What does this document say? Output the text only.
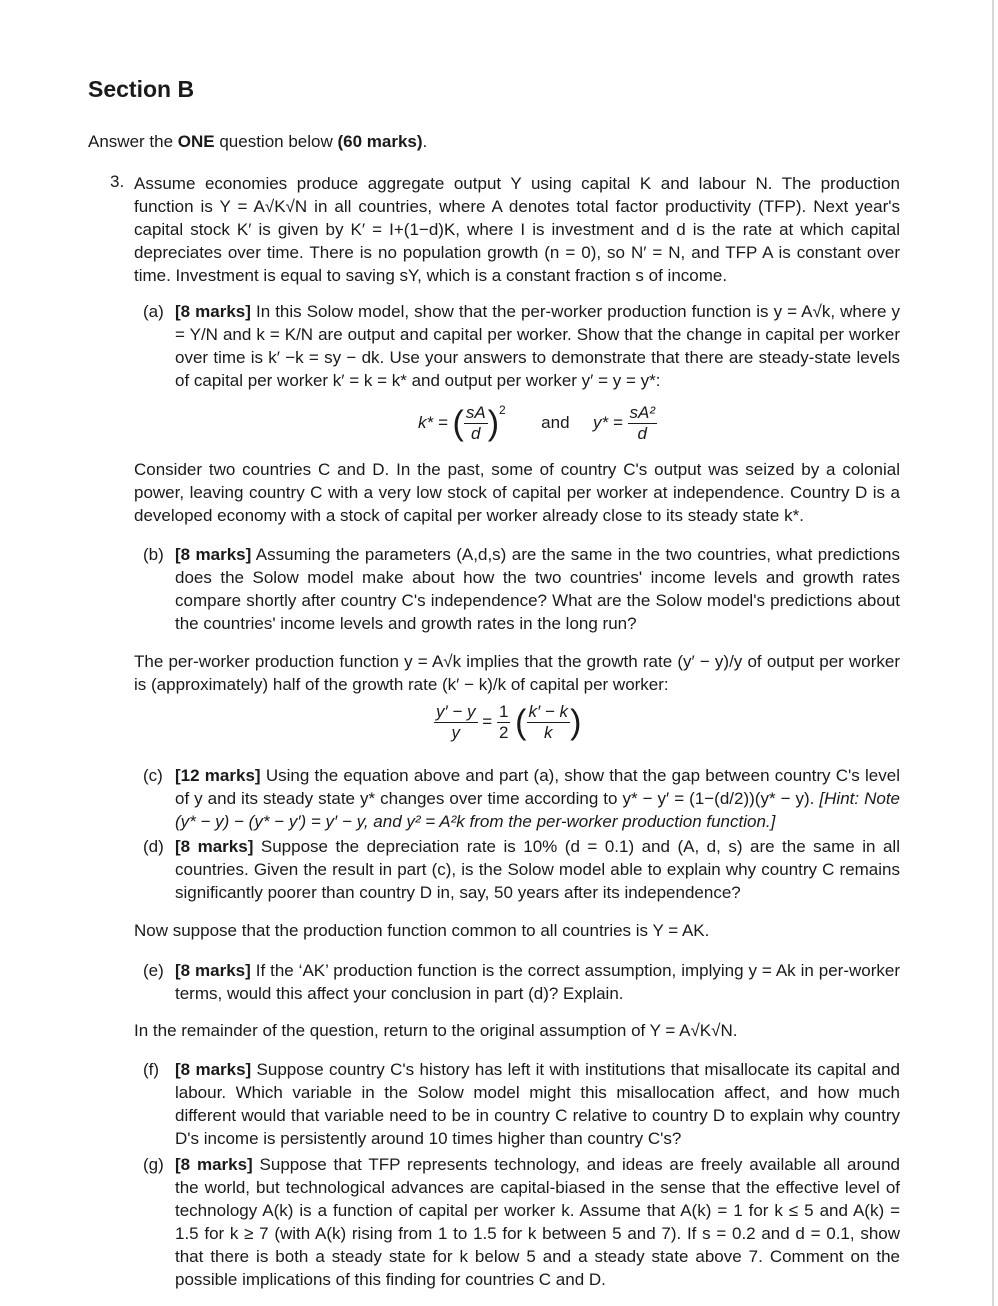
Section B
Answer the ONE question below (60 marks).
3. Assume economies produce aggregate output Y using capital K and labour N. The production function is Y = A√K√N in all countries, where A denotes total factor productivity (TFP). Next year's capital stock K′ is given by K′ = I+(1−d)K, where I is investment and d is the rate at which capital depreciates over time. There is no population growth (n = 0), so N′ = N, and TFP A is constant over time. Investment is equal to saving sY, which is a constant fraction s of income.
(a) [8 marks] In this Solow model, show that the per-worker production function is y = A√k, where y = Y/N and k = K/N are output and capital per worker. Show that the change in capital per worker over time is k′ −k = sy − dk. Use your answers to demonstrate that there are steady-state levels of capital per worker k′ = k = k* and output per worker y′ = y = y*:
k* = ( $\frac{sA}{d} )^2$  and $y* = \frac{\text{sA²}}{d}$
Consider two countries C and D. In the past, some of country C's output was seized by a colonial power, leaving country C with a very low stock of capital per worker at independence. Country D is a developed economy with a stock of capital per worker already close to its steady state k*.
(b) [8 marks] Assuming the parameters (A,d,s) are the same in the two countries, what predictions does the Solow model make about how the two countries' income levels and growth rates compare shortly after country C's independence? What are the Solow model's predictions about the countries' income levels and growth rates in the long run?
The per-worker production function y = A√k implies that the growth rate (y′ − y)/y of output per worker is (approximately) half of the growth rate (k′ − k)/k of capital per worker:
$\frac{y' - y}{y} = \frac{1}{2}$ ( $\frac{k' - k}{k}$ )
(c) [12 marks] Using the equation above and part (a), show that the gap between country C's level of y and its steady state y* changes over time according to y* − y′ = (1−(d/2))(y* − y). [Hint: Note (y* − y) − (y* − y′) = y′ − y, and y² = A²k from the per-worker production function.]
(d) [8 marks] Suppose the depreciation rate is 10% (d = 0.1) and (A, d, s) are the same in all countries. Given the result in part (c), is the Solow model able to explain why country C remains significantly poorer than country D in, say, 50 years after its independence?
Now suppose that the production function common to all countries is Y = AK.
(e) [8 marks] If the ‘AK’ production function is the correct assumption, implying y = Ak in per-worker terms, would this affect your conclusion in part (d)? Explain.
In the remainder of the question, return to the original assumption of Y = A√K√N.
(f) [8 marks] Suppose country C's history has left it with institutions that misallocate its capital and labour. Which variable in the Solow model might this misallocation affect, and how much different would that variable need to be in country C relative to country D to explain why country D's income is persistently around 10 times higher than country C's?
(g) [8 marks] Suppose that TFP represents technology, and ideas are freely available all around the world, but technological advances are capital-biased in the sense that the effective level of technology A(k) is a function of capital per worker k. Assume that A(k) = 1 for k ≤ 5 and A(k) = 1.5 for k ≥ 7 (with A(k) rising from 1 to 1.5 for k between 5 and 7). If s = 0.2 and d = 0.1, show that there is both a steady state for k below 5 and a steady state above 7. Comment on the possible implications of this finding for countries C and D.
